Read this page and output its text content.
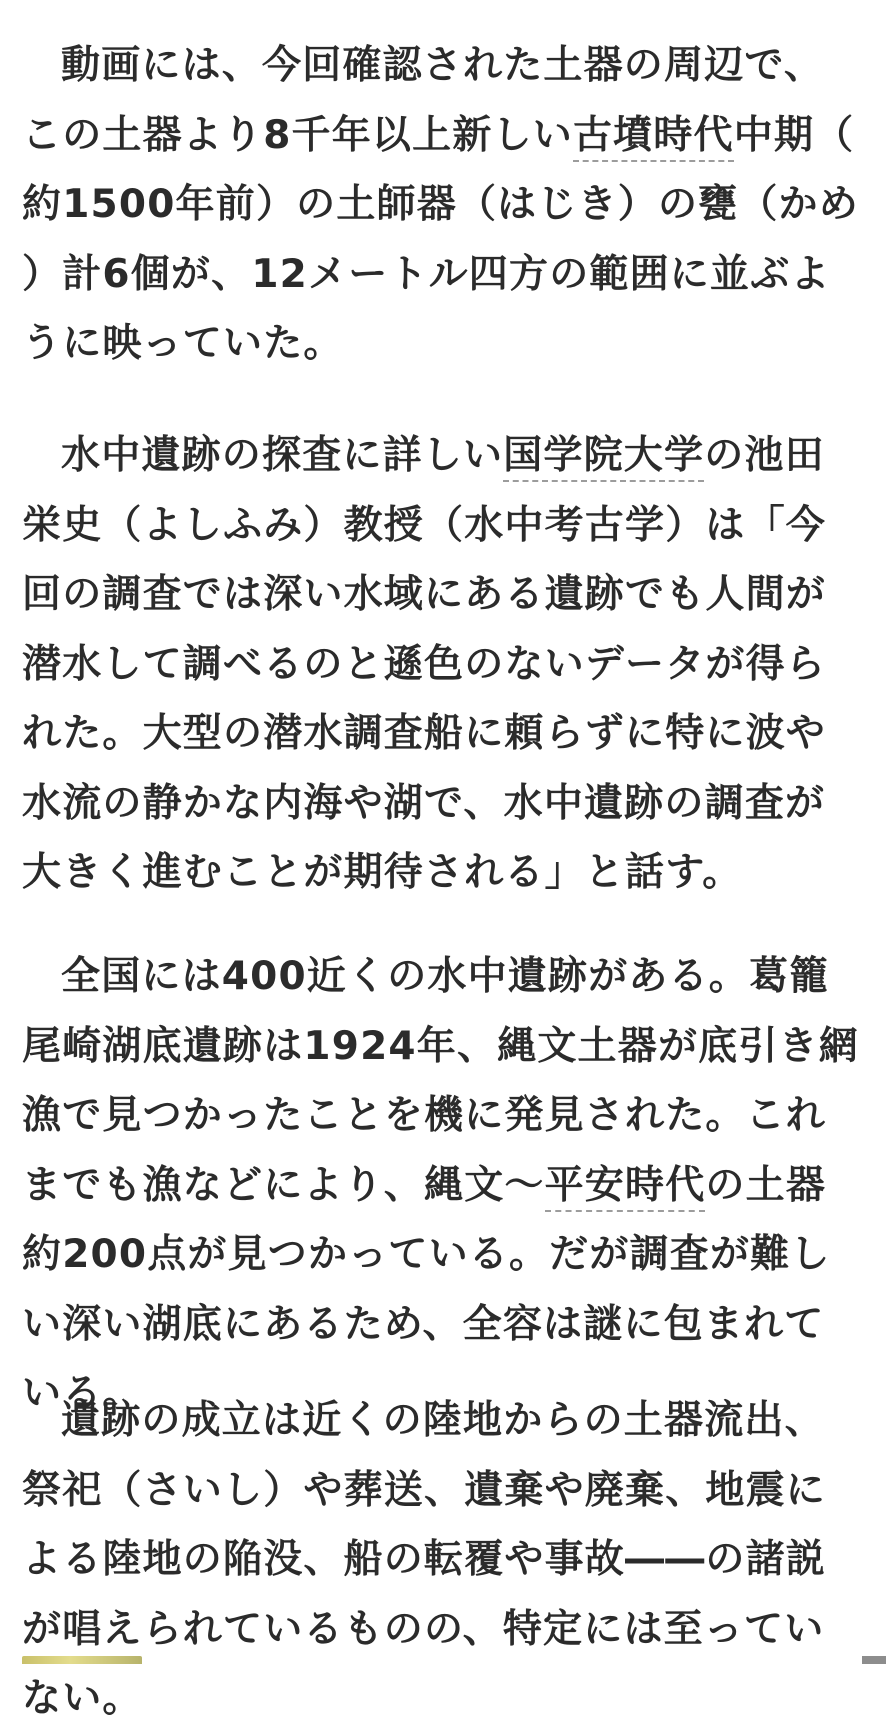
動画には、今回確認された土器の周辺で、この土器より8千年以上新しい古墳時代中期（約1500年前）の土師器（はじき）の甕（かめ）計6個が、12メートル四方の範囲に並ぶように映っていた。

水中遺跡の探査に詳しい国学院大学の池田栄史（よしふみ）教授（水中考古学）は「今回の調査では深い水域にある遺跡でも人間が潜水して調べるのと遜色のないデータが得られた。大型の潜水調査船に頼らずに特に波や水流の静かな内海や湖で、水中遺跡の調査が大きく進むことが期待される」と話す。

全国には400近くの水中遺跡がある。葛籠尾崎湖底遺跡は1924年、縄文土器が底引き網漁で見つかったことを機に発見された。これまでも漁などにより、縄文～平安時代の土器約200点が見つかっている。だが調査が難しい深い湖底にあるため、全容は謎に包まれている。

遺跡の成立は近くの陸地からの土器流出、祭祀（さいし）や葬送、遺棄や廃棄、地震による陸地の陥没、船の転覆や事故――の諸説が唱えられているものの、特定には至っていない。
